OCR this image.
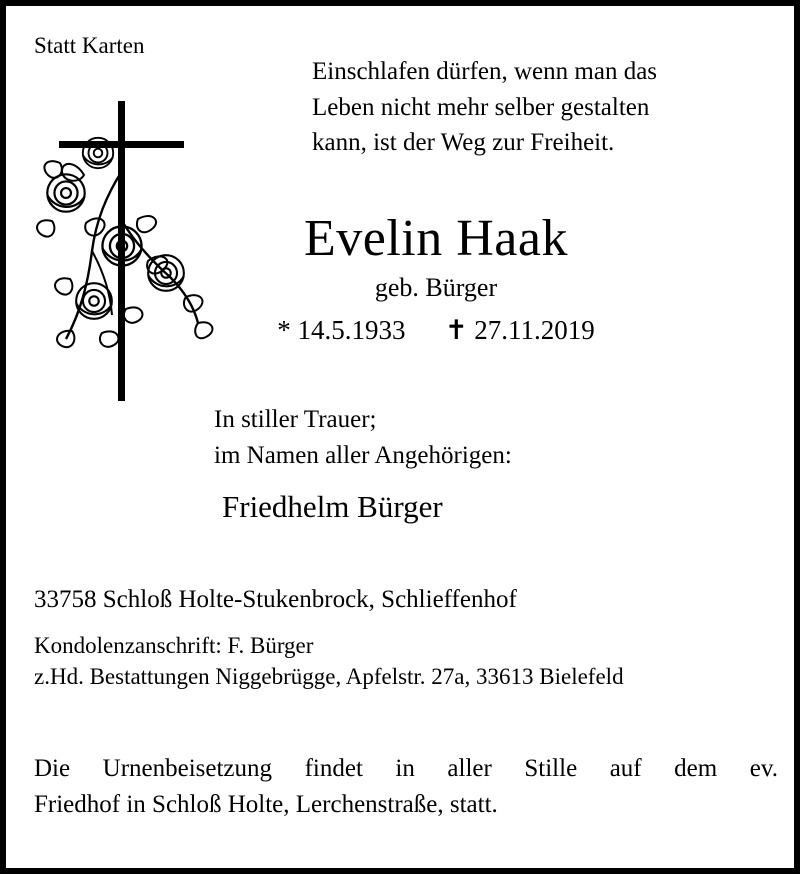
Statt Karten
Einschlafen dürfen, wenn man das
Leben nicht mehr selber gestalten
kann, ist der Weg zur Freiheit.
Evelin Haak
geb. Bürger
* 14.5.1933 ✝ 27.11.2019
In stiller Trauer;
im Namen aller Angehörigen:
Friedhelm Bürger
33758 Schloß Holte-Stukenbrock, Schlieffenhof
Kondolenzanschrift: F. Bürger
z.Hd. Bestattungen Niggebrügge, Apfelstr. 27a, 33613 Bielefeld
Die Urnenbeisetzung findet in aller Stille auf dem ev.
Friedhof in Schloß Holte, Lerchenstraße, statt.
